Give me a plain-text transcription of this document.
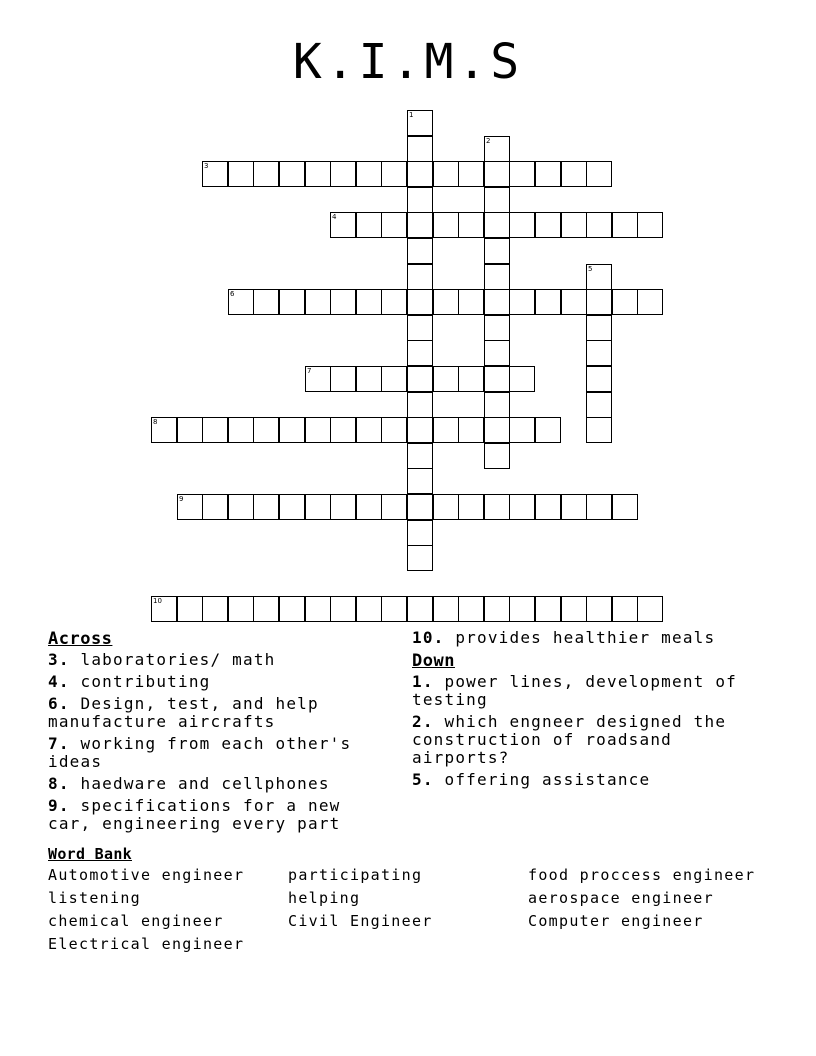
K.I.M.S
3
4
6
7
8
9
10
1
2
5
Across
3. laboratories/ math
4. contributing
6. Design, test, and help manufacture aircrafts
7. working from each other's ideas
8. haedware and cellphones
9. specifications for a new car, engineering every part
10. provides healthier meals
Down
1. power lines, development of testing
2. which engneer designed the construction of roadsand airports?
5. offering assistance
Word Bank
Automotive engineer	participating	food proccess engineer
listening	helping	aerospace engineer
chemical engineer	Civil Engineer	Computer engineer
Electrical engineer
